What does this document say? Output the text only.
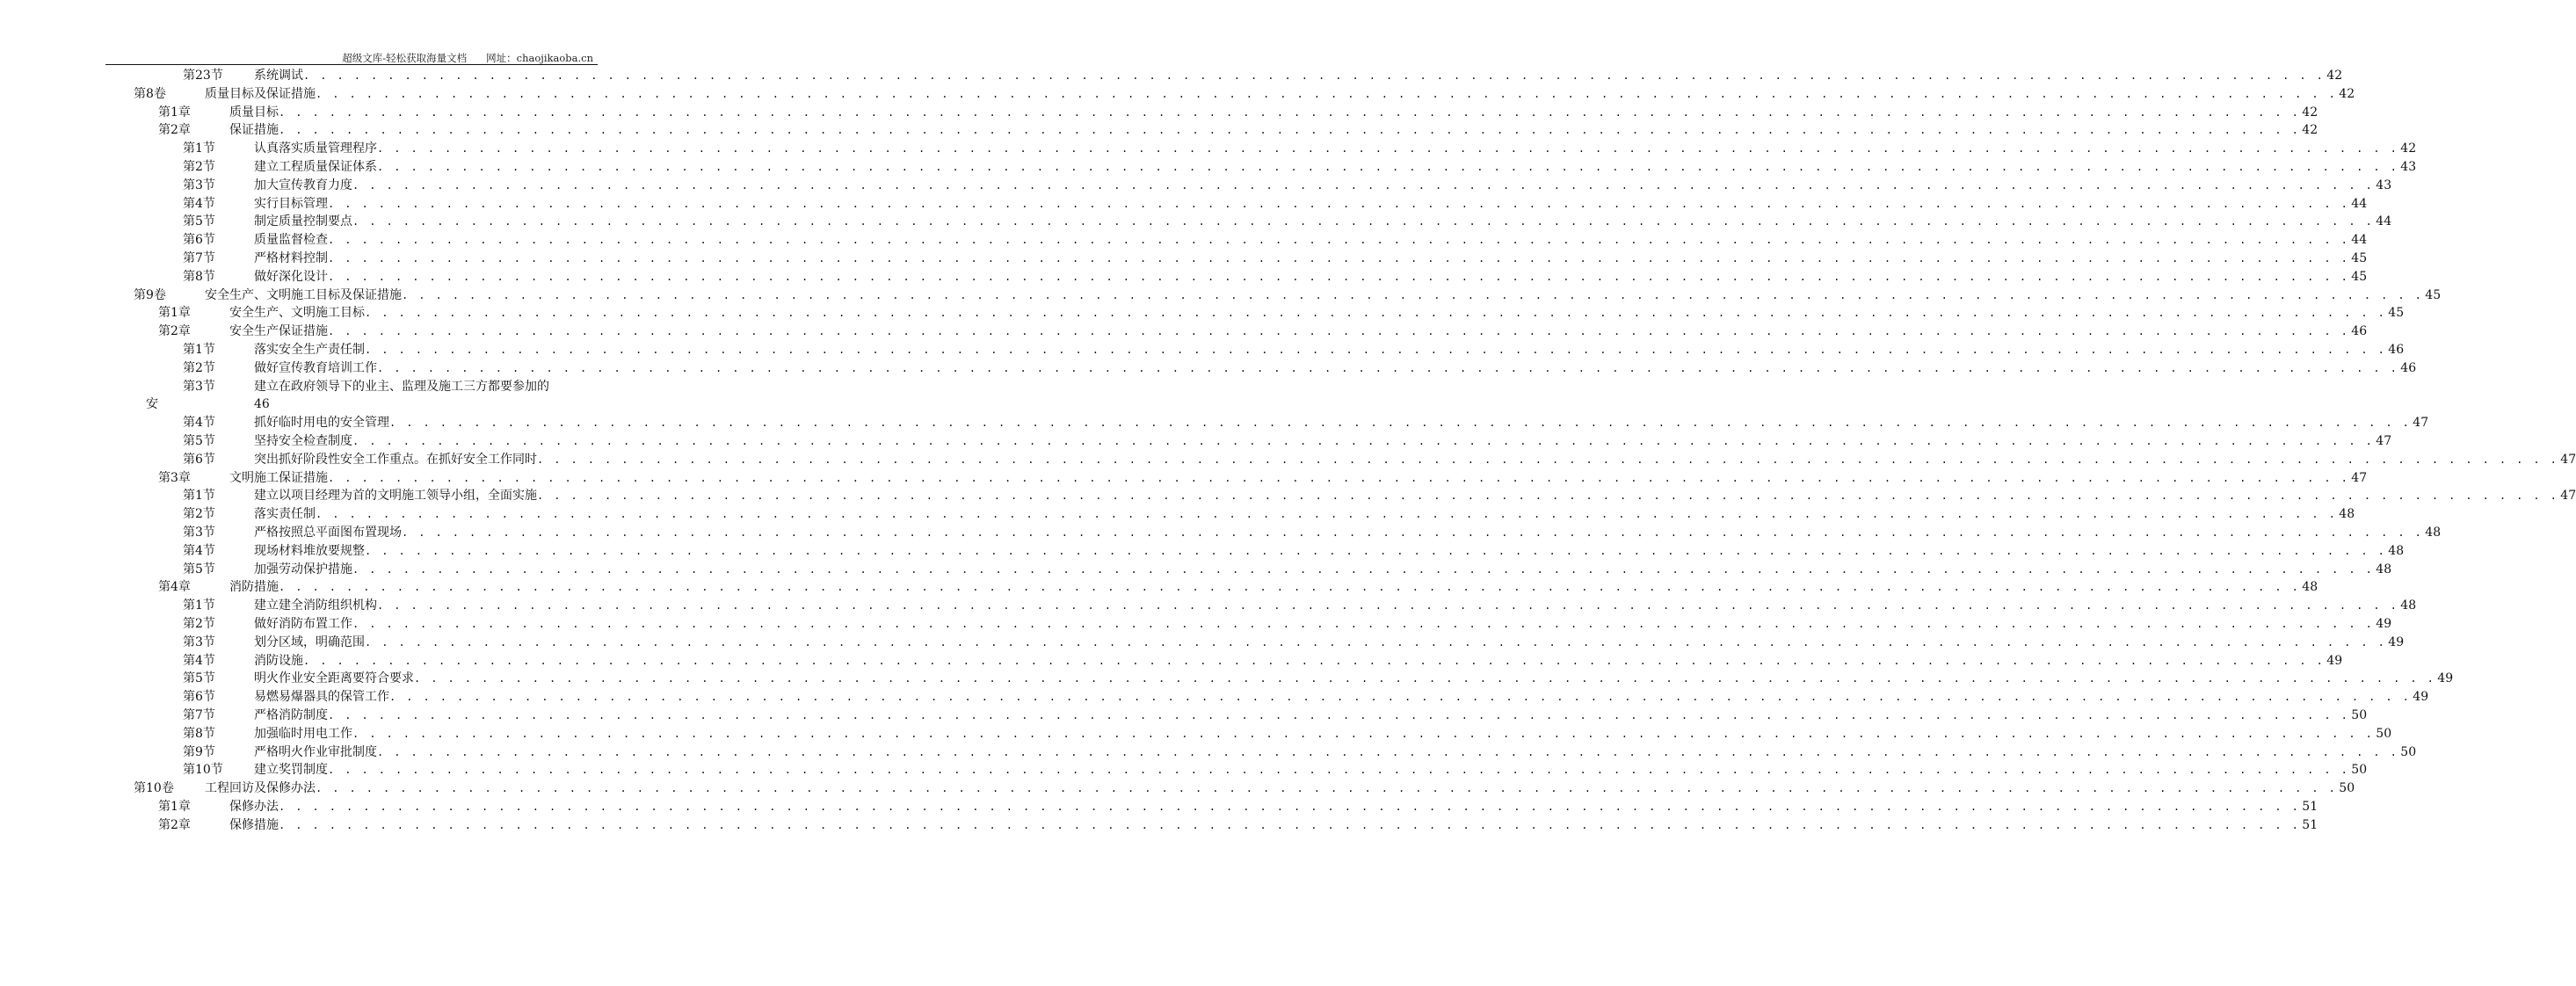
超级文库-轻松获取海量文档 网址：chaojikaoba.cn
第23节	系统调试 . . . . . . . . . . . . . . . . . . . . . . . . . . . . . . . . . . . . . . . . . . . . . . . . . . . . . . . . . . . . . . . . . . . . . . . . . . . . . . . . . . . . . . . . . . . . . . . . . . . . . . . . . . . . . . . . . . . . . . . . 42
第8卷	质量目标及保证措施 . . . . . . . . . . . . . . . . . . . . . . . . . . . . . . . . . . . . . . . . . . . . . . . . . . . . . . . . . . . . . . . . . . . . . . . . . . . . . . . . . . . . . . . . . . . . . . . . . . . . . . . . . . . . . . . . . . . . . . . . 42
第1章	质量目标 . . . . . . . . . . . . . . . . . . . . . . . . . . . . . . . . . . . . . . . . . . . . . . . . . . . . . . . . . . . . . . . . . . . . . . . . . . . . . . . . . . . . . . . . . . . . . . . . . . . . . . . . . . . . . . . . . . . . . . . . 42
第2章	保证措施 . . . . . . . . . . . . . . . . . . . . . . . . . . . . . . . . . . . . . . . . . . . . . . . . . . . . . . . . . . . . . . . . . . . . . . . . . . . . . . . . . . . . . . . . . . . . . . . . . . . . . . . . . . . . . . . . . . . . . . . . 42
第1节	认真落实质量管理程序 . . . . . . . . . . . . . . . . . . . . . . . . . . . . . . . . . . . . . . . . . . . . . . . . . . . . . . . . . . . . . . . . . . . . . . . . . . . . . . . . . . . . . . . . . . . . . . . . . . . . . . . . . . . . . . . . . . . . . . . . 42
第2节	建立工程质量保证体系 . . . . . . . . . . . . . . . . . . . . . . . . . . . . . . . . . . . . . . . . . . . . . . . . . . . . . . . . . . . . . . . . . . . . . . . . . . . . . . . . . . . . . . . . . . . . . . . . . . . . . . . . . . . . . . . . . . . . . . . . 43
第3节	加大宣传教育力度 . . . . . . . . . . . . . . . . . . . . . . . . . . . . . . . . . . . . . . . . . . . . . . . . . . . . . . . . . . . . . . . . . . . . . . . . . . . . . . . . . . . . . . . . . . . . . . . . . . . . . . . . . . . . . . . . . . . . . . . . 43
第4节	实行目标管理 . . . . . . . . . . . . . . . . . . . . . . . . . . . . . . . . . . . . . . . . . . . . . . . . . . . . . . . . . . . . . . . . . . . . . . . . . . . . . . . . . . . . . . . . . . . . . . . . . . . . . . . . . . . . . . . . . . . . . . . . 44
第5节	制定质量控制要点 . . . . . . . . . . . . . . . . . . . . . . . . . . . . . . . . . . . . . . . . . . . . . . . . . . . . . . . . . . . . . . . . . . . . . . . . . . . . . . . . . . . . . . . . . . . . . . . . . . . . . . . . . . . . . . . . . . . . . . . . 44
第6节	质量监督检查 . . . . . . . . . . . . . . . . . . . . . . . . . . . . . . . . . . . . . . . . . . . . . . . . . . . . . . . . . . . . . . . . . . . . . . . . . . . . . . . . . . . . . . . . . . . . . . . . . . . . . . . . . . . . . . . . . . . . . . . . 44
第7节	严格材料控制 . . . . . . . . . . . . . . . . . . . . . . . . . . . . . . . . . . . . . . . . . . . . . . . . . . . . . . . . . . . . . . . . . . . . . . . . . . . . . . . . . . . . . . . . . . . . . . . . . . . . . . . . . . . . . . . . . . . . . . . . 45
第8节	做好深化设计 . . . . . . . . . . . . . . . . . . . . . . . . . . . . . . . . . . . . . . . . . . . . . . . . . . . . . . . . . . . . . . . . . . . . . . . . . . . . . . . . . . . . . . . . . . . . . . . . . . . . . . . . . . . . . . . . . . . . . . . . 45
第9卷	安全生产、文明施工目标及保证措施 . . . . . . . . . . . . . . . . . . . . . . . . . . . . . . . . . . . . . . . . . . . . . . . . . . . . . . . . . . . . . . . . . . . . . . . . . . . . . . . . . . . . . . . . . . . . . . . . . . . . . . . . . . . . . . . . . . . . . . . . 45
第1章	安全生产、文明施工目标 . . . . . . . . . . . . . . . . . . . . . . . . . . . . . . . . . . . . . . . . . . . . . . . . . . . . . . . . . . . . . . . . . . . . . . . . . . . . . . . . . . . . . . . . . . . . . . . . . . . . . . . . . . . . . . . . . . . . . . . . 45
第2章	安全生产保证措施 . . . . . . . . . . . . . . . . . . . . . . . . . . . . . . . . . . . . . . . . . . . . . . . . . . . . . . . . . . . . . . . . . . . . . . . . . . . . . . . . . . . . . . . . . . . . . . . . . . . . . . . . . . . . . . . . . . . . . . . . 46
第1节	落实安全生产责任制 . . . . . . . . . . . . . . . . . . . . . . . . . . . . . . . . . . . . . . . . . . . . . . . . . . . . . . . . . . . . . . . . . . . . . . . . . . . . . . . . . . . . . . . . . . . . . . . . . . . . . . . . . . . . . . . . . . . . . . . . 46
第2节	做好宣传教育培训工作 . . . . . . . . . . . . . . . . . . . . . . . . . . . . . . . . . . . . . . . . . . . . . . . . . . . . . . . . . . . . . . . . . . . . . . . . . . . . . . . . . . . . . . . . . . . . . . . . . . . . . . . . . . . . . . . . . . . . . . . . 46
第3节	建立在政府领导下的业主、监理及施工三方都要参加的
安	46
第4节	抓好临时用电的安全管理 . . . . . . . . . . . . . . . . . . . . . . . . . . . . . . . . . . . . . . . . . . . . . . . . . . . . . . . . . . . . . . . . . . . . . . . . . . . . . . . . . . . . . . . . . . . . . . . . . . . . . . . . . . . . . . . . . . . . . . . . 47
第5节	坚持安全检查制度 . . . . . . . . . . . . . . . . . . . . . . . . . . . . . . . . . . . . . . . . . . . . . . . . . . . . . . . . . . . . . . . . . . . . . . . . . . . . . . . . . . . . . . . . . . . . . . . . . . . . . . . . . . . . . . . . . . . . . . . . 47
第6节	突出抓好阶段性安全工作重点。在抓好安全工作同时 . . . . . . . . . . . . . . . . . . . . . . . . . . . . . . . . . . . . . . . . . . . . . . . . . . . . . . . . . . . . . . . . . . . . . . . . . . . . . . . . . . . . . . . . . . . . . . . . . . . . . . . . . . . . . . . . . . . . . . . . 47
第3章	文明施工保证措施 . . . . . . . . . . . . . . . . . . . . . . . . . . . . . . . . . . . . . . . . . . . . . . . . . . . . . . . . . . . . . . . . . . . . . . . . . . . . . . . . . . . . . . . . . . . . . . . . . . . . . . . . . . . . . . . . . . . . . . . . 47
第1节	建立以项目经理为首的文明施工领导小组，全面实施 . . . . . . . . . . . . . . . . . . . . . . . . . . . . . . . . . . . . . . . . . . . . . . . . . . . . . . . . . . . . . . . . . . . . . . . . . . . . . . . . . . . . . . . . . . . . . . . . . . . . . . . . . . . . . . . . . . . . . . . . 47
第2节	落实责任制 . . . . . . . . . . . . . . . . . . . . . . . . . . . . . . . . . . . . . . . . . . . . . . . . . . . . . . . . . . . . . . . . . . . . . . . . . . . . . . . . . . . . . . . . . . . . . . . . . . . . . . . . . . . . . . . . . . . . . . . . 48
第3节	严格按照总平面图布置现场 . . . . . . . . . . . . . . . . . . . . . . . . . . . . . . . . . . . . . . . . . . . . . . . . . . . . . . . . . . . . . . . . . . . . . . . . . . . . . . . . . . . . . . . . . . . . . . . . . . . . . . . . . . . . . . . . . . . . . . . . 48
第4节	现场材料堆放要规整 . . . . . . . . . . . . . . . . . . . . . . . . . . . . . . . . . . . . . . . . . . . . . . . . . . . . . . . . . . . . . . . . . . . . . . . . . . . . . . . . . . . . . . . . . . . . . . . . . . . . . . . . . . . . . . . . . . . . . . . . 48
第5节	加强劳动保护措施 . . . . . . . . . . . . . . . . . . . . . . . . . . . . . . . . . . . . . . . . . . . . . . . . . . . . . . . . . . . . . . . . . . . . . . . . . . . . . . . . . . . . . . . . . . . . . . . . . . . . . . . . . . . . . . . . . . . . . . . . 48
第4章	消防措施 . . . . . . . . . . . . . . . . . . . . . . . . . . . . . . . . . . . . . . . . . . . . . . . . . . . . . . . . . . . . . . . . . . . . . . . . . . . . . . . . . . . . . . . . . . . . . . . . . . . . . . . . . . . . . . . . . . . . . . . . 48
第1节	建立建全消防组织机构 . . . . . . . . . . . . . . . . . . . . . . . . . . . . . . . . . . . . . . . . . . . . . . . . . . . . . . . . . . . . . . . . . . . . . . . . . . . . . . . . . . . . . . . . . . . . . . . . . . . . . . . . . . . . . . . . . . . . . . . . 48
第2节	做好消防布置工作 . . . . . . . . . . . . . . . . . . . . . . . . . . . . . . . . . . . . . . . . . . . . . . . . . . . . . . . . . . . . . . . . . . . . . . . . . . . . . . . . . . . . . . . . . . . . . . . . . . . . . . . . . . . . . . . . . . . . . . . . 49
第3节	划分区域，明确范围 . . . . . . . . . . . . . . . . . . . . . . . . . . . . . . . . . . . . . . . . . . . . . . . . . . . . . . . . . . . . . . . . . . . . . . . . . . . . . . . . . . . . . . . . . . . . . . . . . . . . . . . . . . . . . . . . . . . . . . . . 49
第4节	消防设施 . . . . . . . . . . . . . . . . . . . . . . . . . . . . . . . . . . . . . . . . . . . . . . . . . . . . . . . . . . . . . . . . . . . . . . . . . . . . . . . . . . . . . . . . . . . . . . . . . . . . . . . . . . . . . . . . . . . . . . . . 49
第5节	明火作业安全距离要符合要求 . . . . . . . . . . . . . . . . . . . . . . . . . . . . . . . . . . . . . . . . . . . . . . . . . . . . . . . . . . . . . . . . . . . . . . . . . . . . . . . . . . . . . . . . . . . . . . . . . . . . . . . . . . . . . . . . . . . . . . . . 49
第6节	易燃易爆器具的保管工作 . . . . . . . . . . . . . . . . . . . . . . . . . . . . . . . . . . . . . . . . . . . . . . . . . . . . . . . . . . . . . . . . . . . . . . . . . . . . . . . . . . . . . . . . . . . . . . . . . . . . . . . . . . . . . . . . . . . . . . . . 49
第7节	严格消防制度 . . . . . . . . . . . . . . . . . . . . . . . . . . . . . . . . . . . . . . . . . . . . . . . . . . . . . . . . . . . . . . . . . . . . . . . . . . . . . . . . . . . . . . . . . . . . . . . . . . . . . . . . . . . . . . . . . . . . . . . . 50
第8节	加强临时用电工作 . . . . . . . . . . . . . . . . . . . . . . . . . . . . . . . . . . . . . . . . . . . . . . . . . . . . . . . . . . . . . . . . . . . . . . . . . . . . . . . . . . . . . . . . . . . . . . . . . . . . . . . . . . . . . . . . . . . . . . . . 50
第9节	严格明火作业审批制度 . . . . . . . . . . . . . . . . . . . . . . . . . . . . . . . . . . . . . . . . . . . . . . . . . . . . . . . . . . . . . . . . . . . . . . . . . . . . . . . . . . . . . . . . . . . . . . . . . . . . . . . . . . . . . . . . . . . . . . . . 50
第10节	建立奖罚制度 . . . . . . . . . . . . . . . . . . . . . . . . . . . . . . . . . . . . . . . . . . . . . . . . . . . . . . . . . . . . . . . . . . . . . . . . . . . . . . . . . . . . . . . . . . . . . . . . . . . . . . . . . . . . . . . . . . . . . . . . 50
第10卷	工程回访及保修办法 . . . . . . . . . . . . . . . . . . . . . . . . . . . . . . . . . . . . . . . . . . . . . . . . . . . . . . . . . . . . . . . . . . . . . . . . . . . . . . . . . . . . . . . . . . . . . . . . . . . . . . . . . . . . . . . . . . . . . . . . 50
第1章	保修办法 . . . . . . . . . . . . . . . . . . . . . . . . . . . . . . . . . . . . . . . . . . . . . . . . . . . . . . . . . . . . . . . . . . . . . . . . . . . . . . . . . . . . . . . . . . . . . . . . . . . . . . . . . . . . . . . . . . . . . . . . 51
第2章	保修措施 . . . . . . . . . . . . . . . . . . . . . . . . . . . . . . . . . . . . . . . . . . . . . . . . . . . . . . . . . . . . . . . . . . . . . . . . . . . . . . . . . . . . . . . . . . . . . . . . . . . . . . . . . . . . . . . . . . . . . . . . 51
